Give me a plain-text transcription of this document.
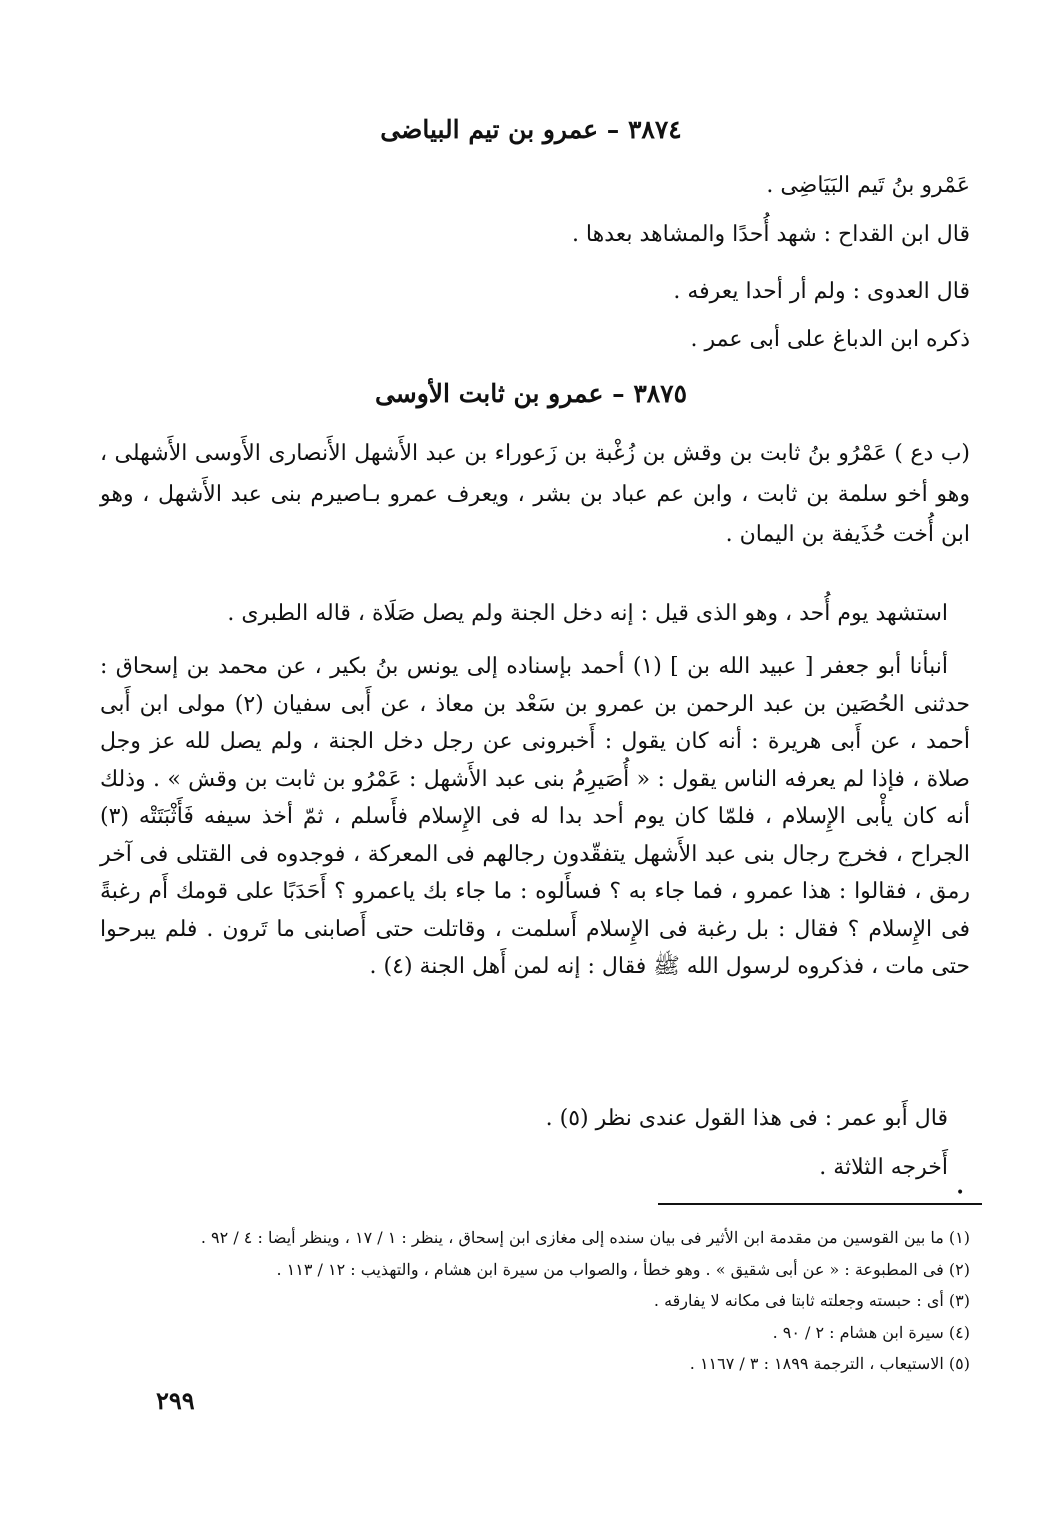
٣٨٧٤ – عمرو بن تيم البياضى

عَمْرو بنُ تَيم البَيَاضِى .

قال ابن القداح : شهد أُحدًا والمشاهد بعدها .

قال العدوى : ولم أر أحدا يعرفه .

ذكره ابن الدباغ على أبى عمر .

٣٨٧٥ – عمرو بن ثابت الأوسى

(ب دع ) عَمْرُو بنُ ثابت بن وقش بن زُغْبة بن زَعوراء بن عبد الأَشهل الأَنصارى الأَوسى الأَشهلى ، وهو أخو سلمة بن ثابت ، وابن عم عباد بن بشر ، ويعرف عمرو بـاصيرم بنى عبد الأَشهل ، وهو ابن أُخت حُذَيفة بن اليمان .

استشهد يوم أُحد ، وهو الذى قيل : إنه دخل الجنة ولم يصل صَلَاة ، قاله الطبرى .

أنبأنا أبو جعفر [ عبيد الله بن ] (١) أحمد بإسناده إلى يونس بنُ بكير ، عن محمد بن إسحاق : حدثنى الحُصَين بن عبد الرحمن بن عمرو بن سَعْد بن معاذ ، عن أَبى سفيان (٢) مولى ابن أَبى أحمد ، عن أَبى هريرة : أنه كان يقول : أَخبرونى عن رجل دخل الجنة ، ولم يصل لله عز وجل صلاة ، فإذا لم يعرفه الناس يقول : « أُصَيرِمُ بنى عبد الأَشهل : عَمْرُو بن ثابت بن وقش » . وذلك أنه كان يأْبى الإِسلام ، فلمّا كان يوم أحد بدا له فى الإِسلام فأَسلم ، ثمّ أخذ سيفه فَأَثْبَتَتْه (٣) الجراح ، فخرج رجال بنى عبد الأَشهل يتفقّدون رجالهم فى المعركة ، فوجدوه فى القتلى فى آخر رمق ، فقالوا : هذا عمرو ، فما جاء به ؟ فسأَلوه : ما جاء بك ياعمرو ؟ أَحَدَبًا على قومك أَم رغبةً فى الإِسلام ؟ فقال : بل رغبة فى الإِسلام أَسلمت ، وقاتلت حتى أَصابنى ما تَرون . فلم يبرحوا حتى مات ، فذكروه لرسول الله ﷺ فقال : إنه لمن أَهل الجنة (٤) .

قال أَبو عمر : فى هذا القول عندى نظر (٥) .

أَخرجه الثلاثة .

•
(١) ما بين القوسين من مقدمة ابن الأثير فى بيان سنده إلى مغازى ابن إسحاق ، ينظر : ١ / ١٧ ، وينظر أيضا : ٤ / ٩٢ .
(٢) فى المطبوعة : « عن أبى شقيق » . وهو خطأ ، والصواب من سيرة ابن هشام ، والتهذيب : ١٢ / ١١٣ .
(٣) أى : حبسته وجعلته ثابتا فى مكانه لا يفارقه .
(٤) سيرة ابن هشام : ٢ / ٩٠ .
(٥) الاستيعاب ، الترجمة ١٨٩٩ : ٣ / ١١٦٧ .
٢٩٩
